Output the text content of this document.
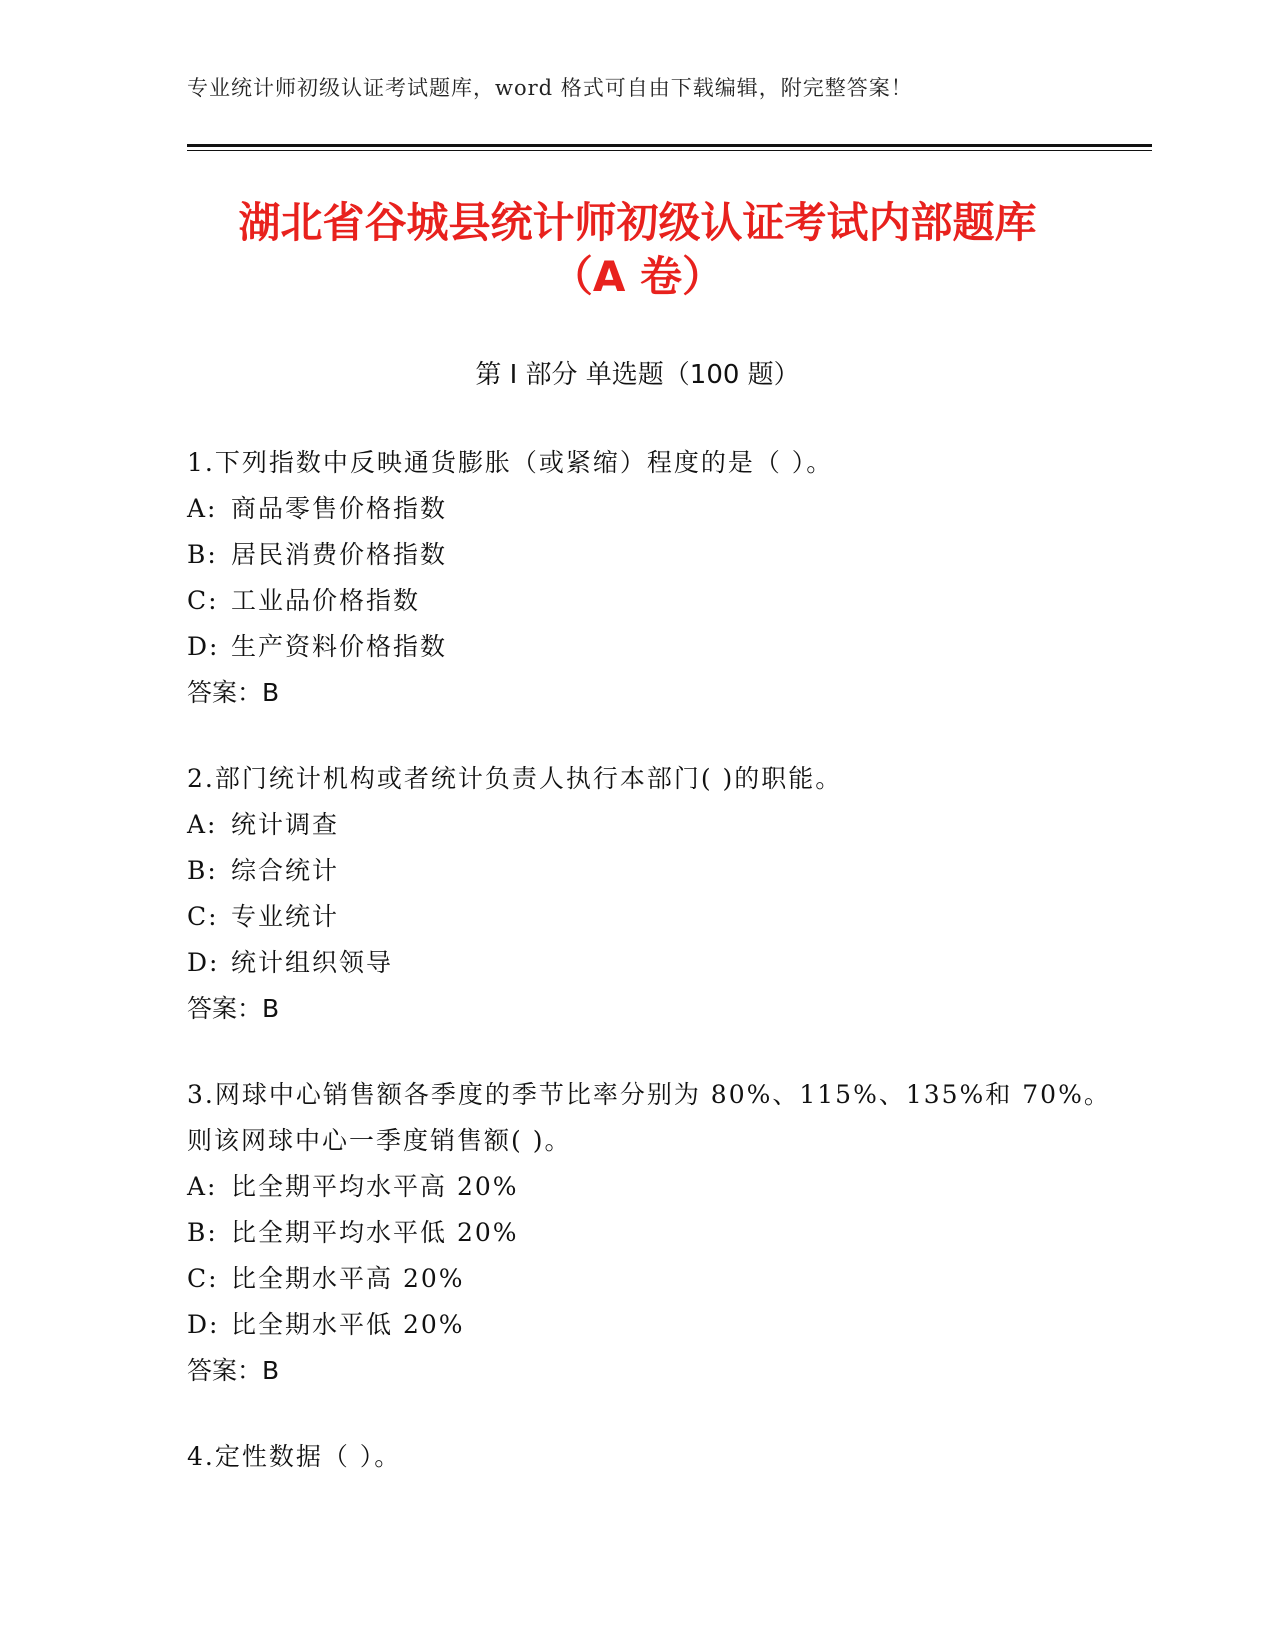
专业统计师初级认证考试题库，word 格式可自由下载编辑，附完整答案！
湖北省谷城县统计师初级认证考试内部题库
（A 卷）
第 I 部分 单选题（100 题）
1.下列指数中反映通货膨胀（或紧缩）程度的是（ ）。
A: 商品零售价格指数
B: 居民消费价格指数
C: 工业品价格指数
D: 生产资料价格指数
答案：B
2.部门统计机构或者统计负责人执行本部门( )的职能。
A: 统计调查
B: 综合统计
C: 专业统计
D: 统计组织领导
答案：B
3.网球中心销售额各季度的季节比率分别为 80%、115%、135%和 70%。
则该网球中心一季度销售额( )。
A: 比全期平均水平高 20%
B: 比全期平均水平低 20%
C: 比全期水平高 20%
D: 比全期水平低 20%
答案：B
4.定性数据（ ）。
